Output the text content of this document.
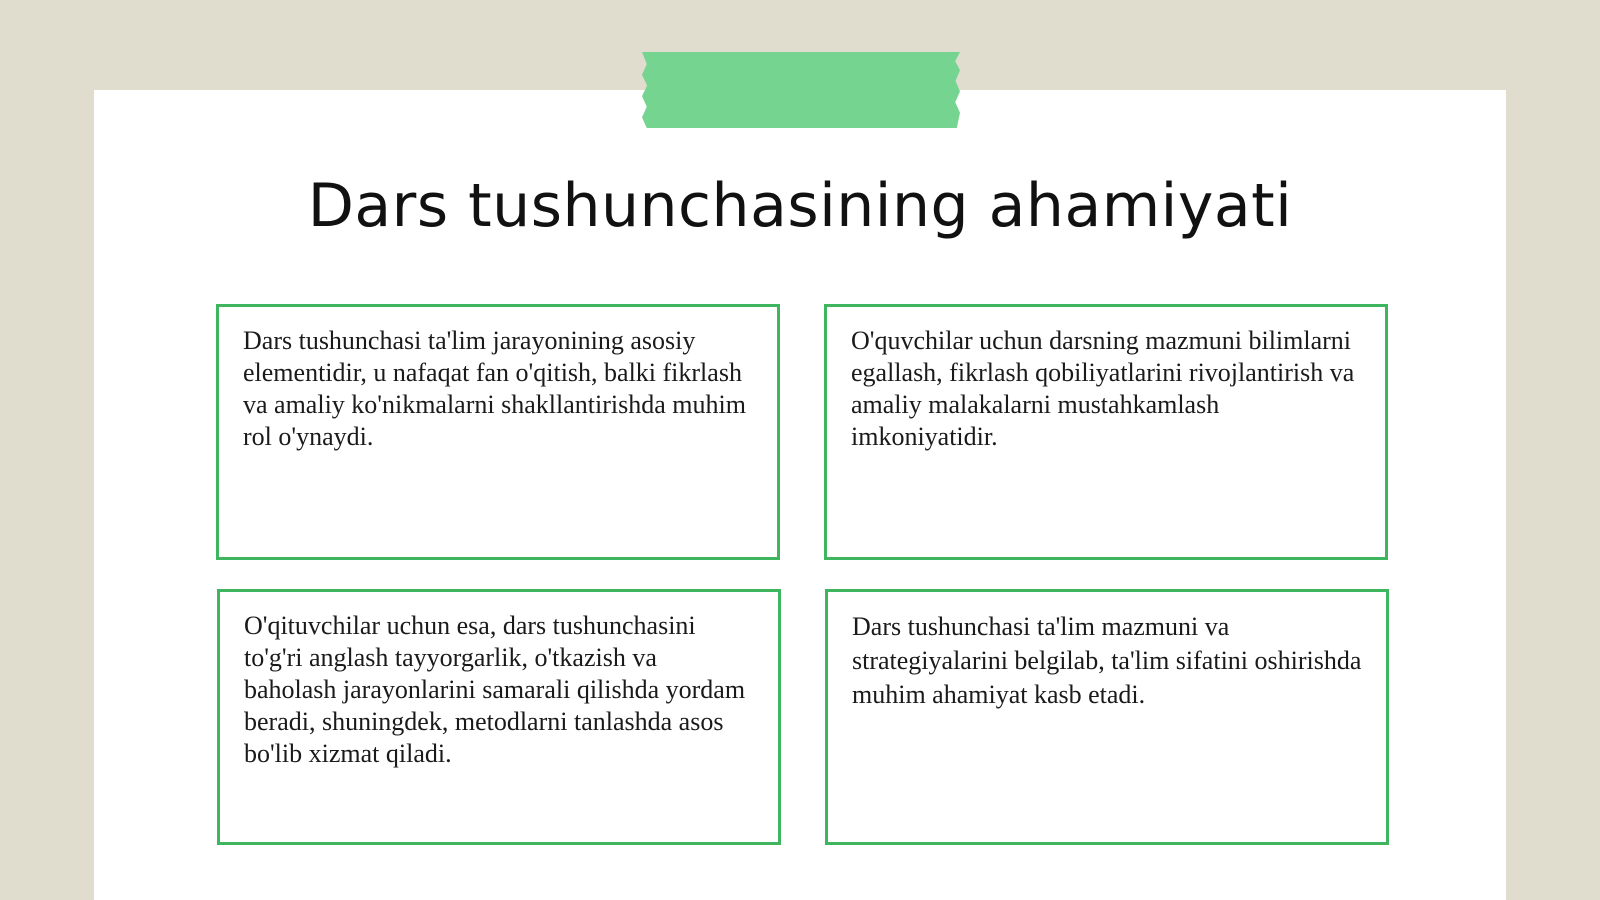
Dars tushunchasining ahamiyati

Dars tushunchasi ta'lim jarayonining asosiy elementidir, u nafaqat fan o'qitish, balki fikrlash va amaliy ko'nikmalarni shakllantirishda muhim rol o'ynaydi.

O'quvchilar uchun darsning mazmuni bilimlarni egallash, fikrlash qobiliyatlarini rivojlantirish va amaliy malakalarni mustahkamlash imkoniyatidir.

O'qituvchilar uchun esa, dars tushunchasini to'g'ri anglash tayyorgarlik, o'tkazish va baholash jarayonlarini samarali qilishda yordam beradi, shuningdek, metodlarni tanlashda asos bo'lib xizmat qiladi.

Dars tushunchasi ta'lim mazmuni va strategiyalarini belgilab, ta'lim sifatini oshirishda muhim ahamiyat kasb etadi.
